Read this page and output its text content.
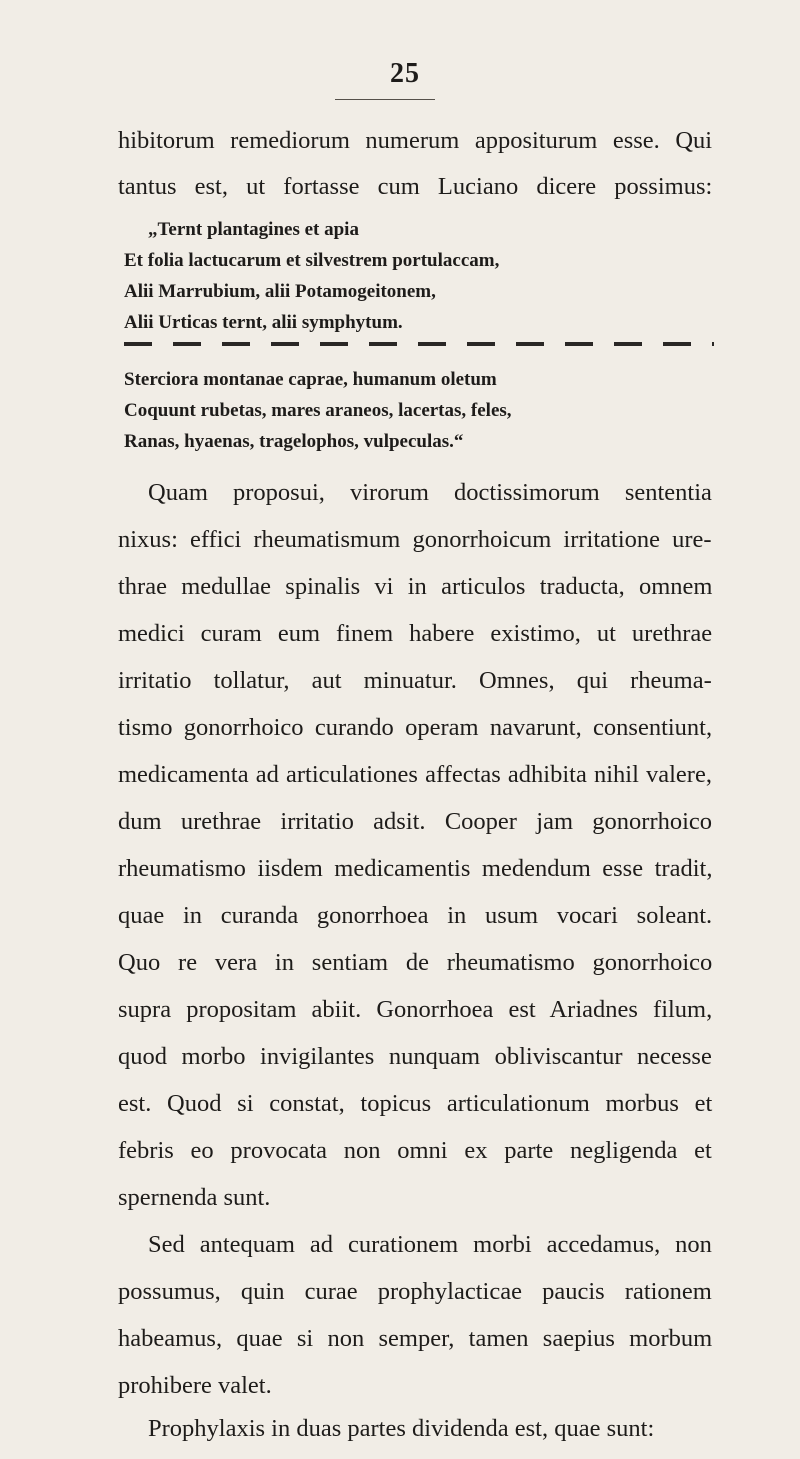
25
hibitorum remediorum numerum appositurum esse. Qui
tantus est, ut fortasse cum Luciano dicere possimus:
„Ternt plantagines et apia
Et folia lactucarum et silvestrem portulaccam,
Alii Marrubium, alii Potamogeitonem,
Alii Urticas ternt, alii symphytum.
Sterciora montanae caprae, humanum oletum
Coquunt rubetas, mares araneos, lacertas, feles,
Ranas, hyaenas, tragelophos, vulpeculas.“
Quam proposui, virorum doctissimorum sententia
nixus: effici rheumatismum gonorrhoicum irritatione ure-
thrae medullae spinalis vi in articulos traducta, omnem
medici curam eum finem habere existimo, ut urethrae
irritatio tollatur, aut minuatur. Omnes, qui rheuma-
tismo gonorrhoico curando operam navarunt, consentiunt,
medicamenta ad articulationes affectas adhibita nihil valere,
dum urethrae irritatio adsit. Cooper jam gonorrhoico
rheumatismo iisdem medicamentis medendum esse tradit,
quae in curanda gonorrhoea in usum vocari soleant.
Quo re vera in sentiam de rheumatismo gonorrhoico
supra propositam abiit. Gonorrhoea est Ariadnes filum,
quod morbo invigilantes nunquam obliviscantur necesse
est. Quod si constat, topicus articulationum morbus et
febris eo provocata non omni ex parte negligenda et
spernenda sunt.
Sed antequam ad curationem morbi accedamus, non
possumus, quin curae prophylacticae paucis rationem
habeamus, quae si non semper, tamen saepius morbum
prohibere valet.
Prophylaxis in duas partes dividenda est, quae sunt:
